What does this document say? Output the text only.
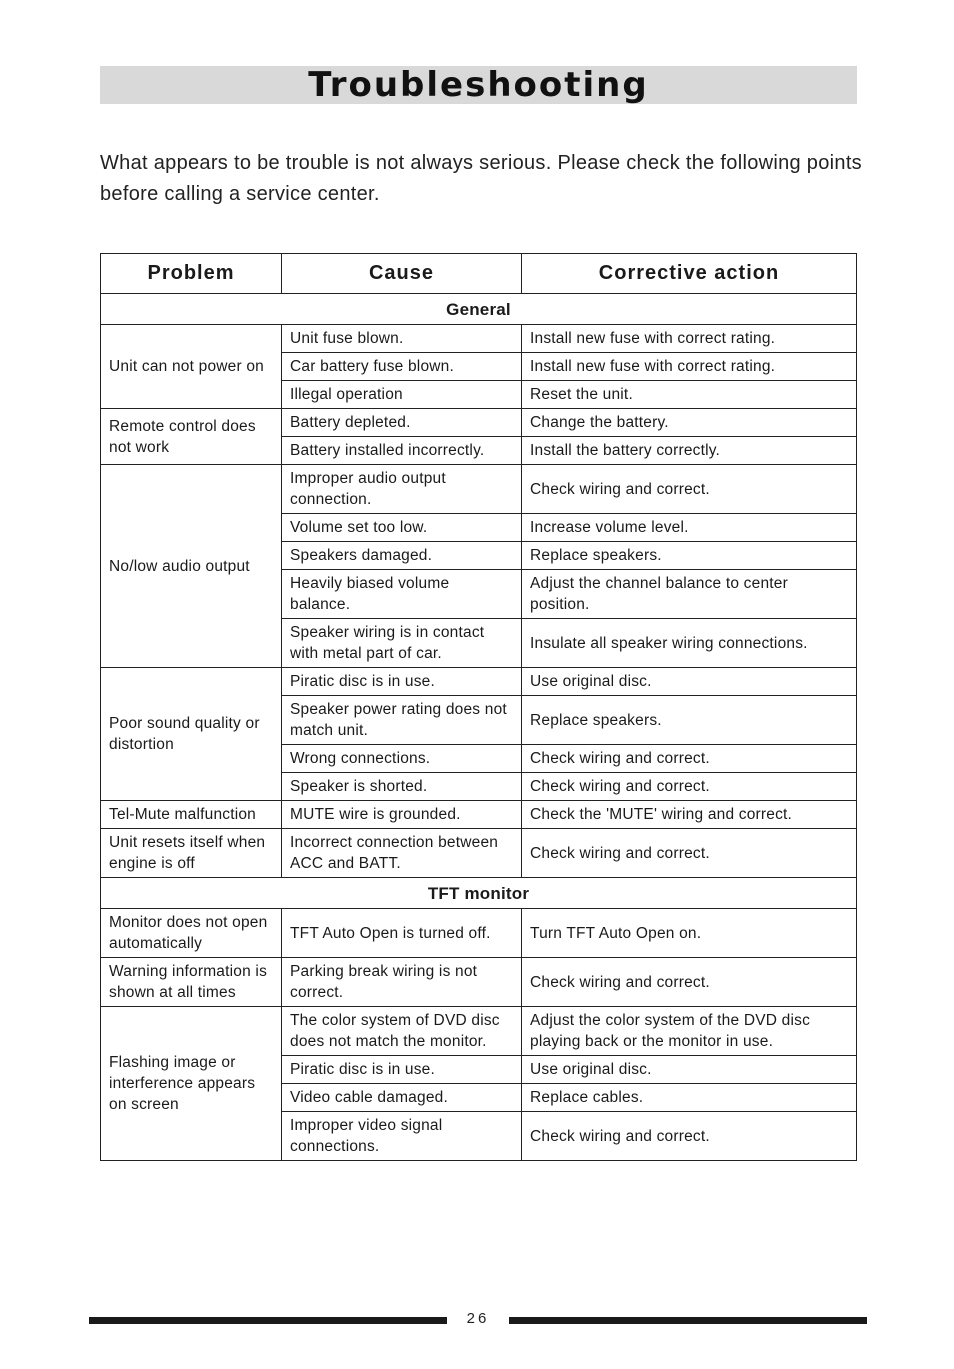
Troubleshooting
What appears to be trouble is not always serious. Please check the following points before calling a service center.
Problem	Cause	Corrective action
General		
Unit can not power on	Unit fuse blown.	Install new fuse with correct rating.
	Car battery fuse blown.	Install new fuse with correct rating.
	Illegal operation	Reset the unit.
Remote control does not work	Battery depleted.	Change the battery.
	Battery installed incorrectly.	Install the battery correctly.
No/low audio output	Improper audio output connection.	Check wiring and correct.
	Volume set too low.	Increase volume level.
	Speakers damaged.	Replace speakers.
	Heavily biased volume balance.	Adjust the channel balance to center position.
	Speaker wiring is in contact with metal part of car.	Insulate all speaker wiring connections.
Poor sound quality or distortion	Piratic disc is in use.	Use original disc.
	Speaker power rating does not match unit.	Replace speakers.
	Wrong connections.	Check wiring and correct.
	Speaker is shorted.	Check wiring and correct.
Tel-Mute malfunction	MUTE wire is grounded.	Check the 'MUTE' wiring and correct.
Unit resets itself when engine is off	Incorrect connection between ACC and BATT.	Check wiring and correct.
TFT monitor		
Monitor does not open automatically	TFT Auto Open is turned off.	Turn TFT Auto Open on.
Warning information is shown at all times	Parking break wiring is not correct.	Check wiring and correct.
Flashing image or interference appears on screen	The color system of DVD disc does not match the monitor.	Adjust the color system of the DVD disc playing back or the monitor in use.
	Piratic disc is in use.	Use original disc.
	Video cable damaged.	Replace cables.
	Improper video signal connections.	Check wiring and correct.
26
